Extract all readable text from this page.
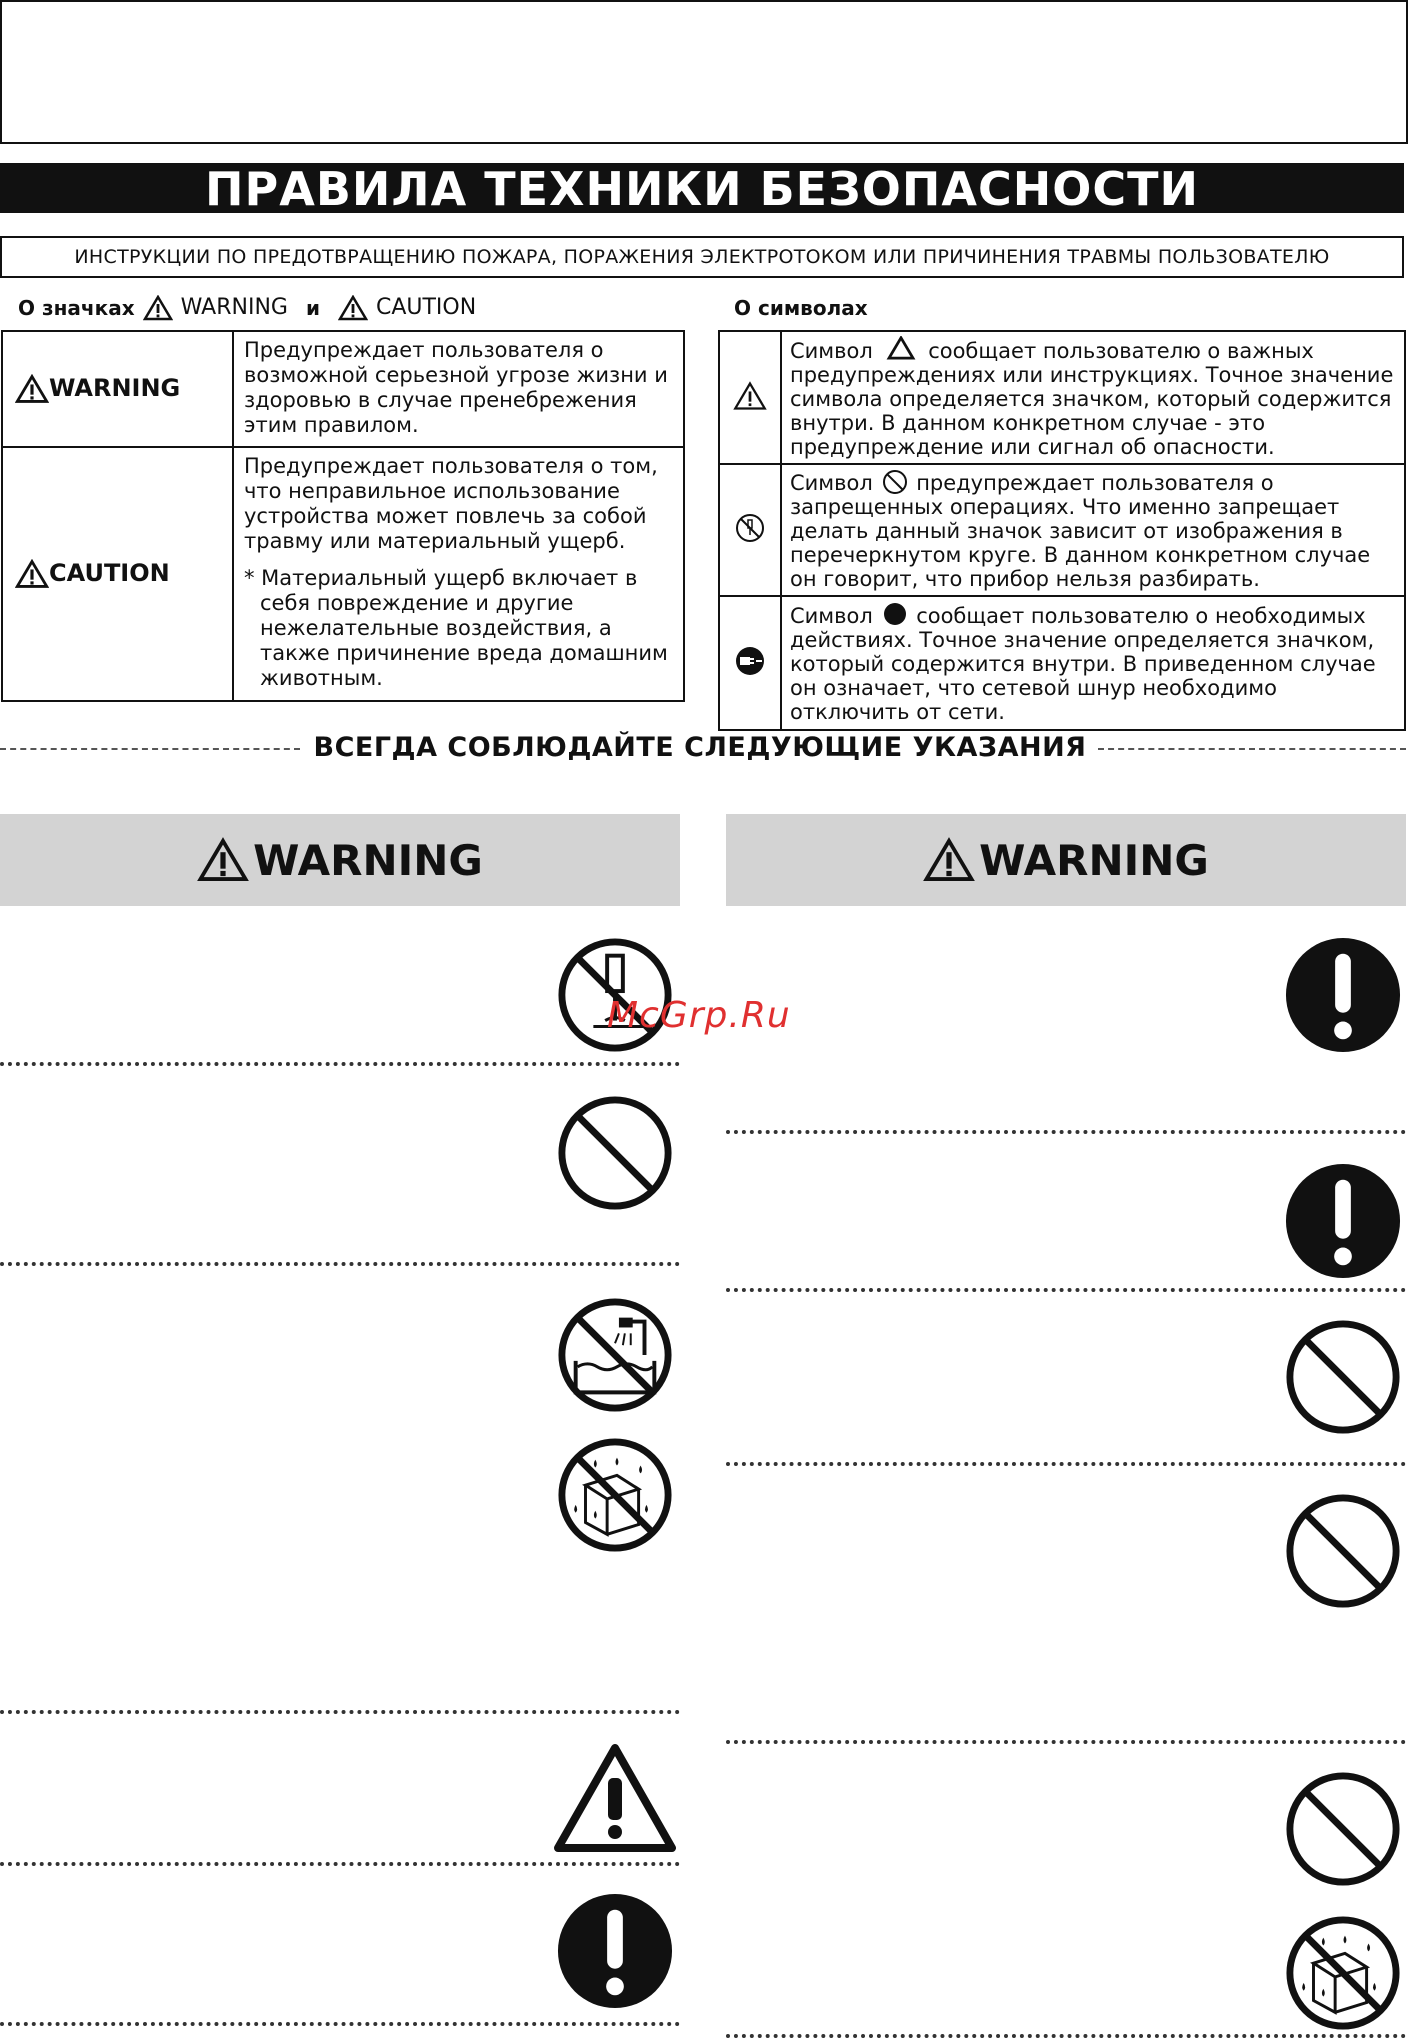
ПРАВИЛА ТЕХНИКИ БЕЗОПАСНОСТИ
ИНСТРУКЦИИ ПО ПРЕДОТВРАЩЕНИЮ ПОЖАРА, ПОРАЖЕНИЯ ЭЛЕКТРОТОКОМ ИЛИ ПРИЧИНЕНИЯ ТРАВМЫ ПОЛЬЗОВАТЕЛЮ
О значках WARNING и	CAUTION
WARNING	Предупреждает пользователя о возможной серьезной угрозе жизни и здоровью в случае пренебрежения этим правилом.
CAUTION	Предупреждает пользователя о том, что неправильное использование устройства может повлечь за собой травму или материальный ущерб.
* Материальный ущерб включает в себя повреждение и другие нежелательные воздействия, а также причинение вреда домашним животным.
О символах
	Символ сообщает пользователю о важных предупреждениях или инструкциях. Точное значение символа определяется значком, который содержится внутри. В данном конкретном случае - это предупреждение или сигнал об опасности.
	Символ предупреждает пользователя о запрещенных операциях. Что именно запрещает делать данный значок зависит от изображения в перечеркнутом круге. В данном конкретном случае он говорит, что прибор нельзя разбирать.
	Символ сообщает пользователю о необходимых действиях. Точное значение определяется значком, который содержится внутри. В приведенном случае он означает, что сетевой шнур необходимо отключить от сети.
ВСЕГДА СОБЛЮДАЙТЕ СЛЕДУЮЩИЕ УКАЗАНИЯ
WARNING	WARNING
McGrp.Ru
